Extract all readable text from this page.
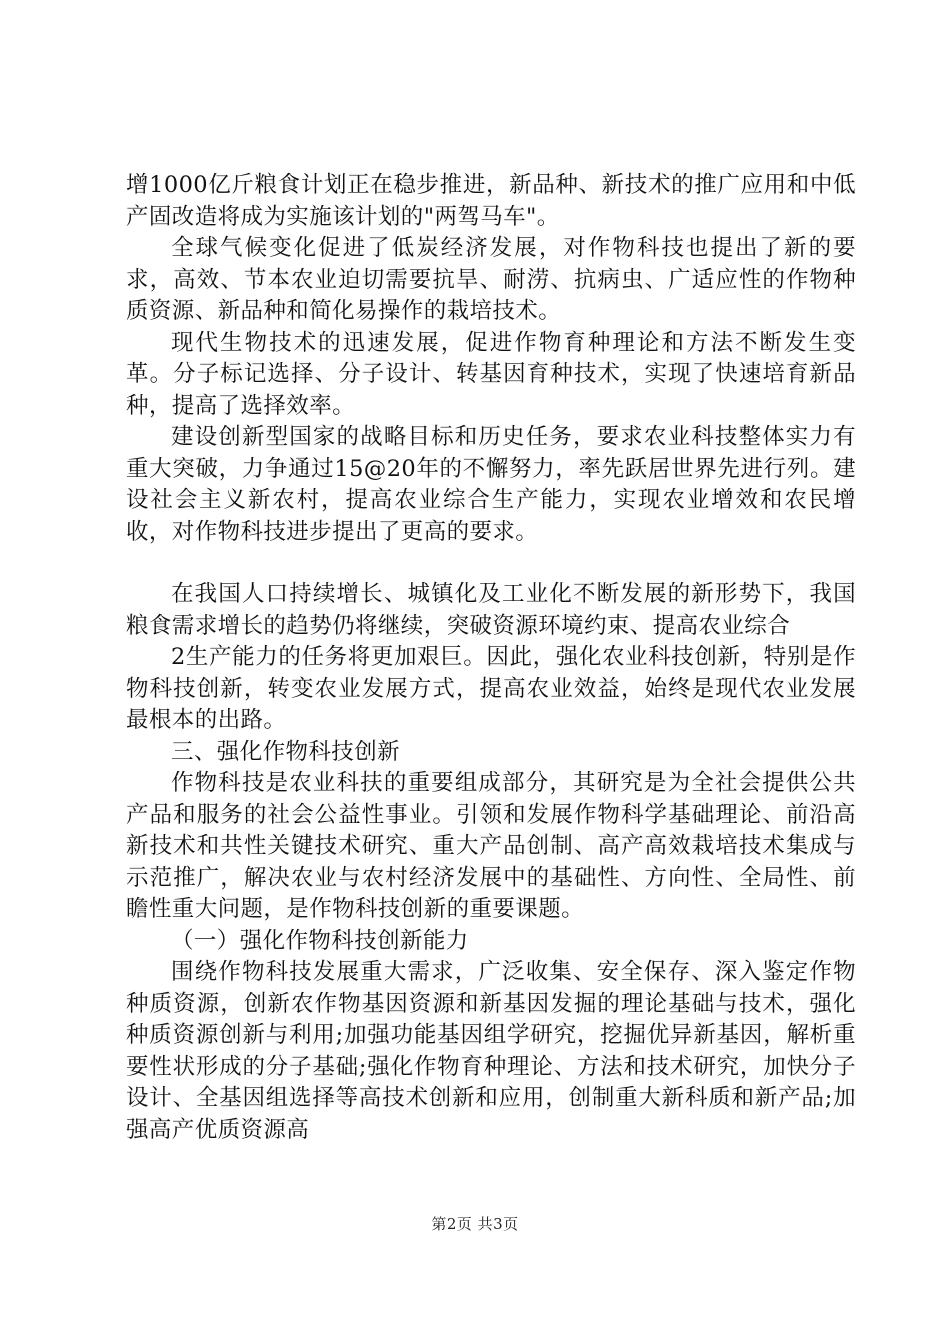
增1000亿斤粮食计划正在稳步推进，新品种、新技术的推广应用和中低产固改造将成为实施该计划的"两驾马车"。

全球气候变化促进了低炭经济发展，对作物科技也提出了新的要求，高效、节本农业迫切需要抗旱、耐涝、抗病虫、广适应性的作物种质资源、新品种和简化易操作的栽培技术。

现代生物技术的迅速发展，促进作物育种理论和方法不断发生变革。分子标记选择、分子设计、转基因育种技术，实现了快速培育新品种，提高了选择效率。

建设创新型国家的战略目标和历史任务，要求农业科技整体实力有重大突破，力争通过15@20年的不懈努力，率先跃居世界先进行列。建设社会主义新农村，提高农业综合生产能力，实现农业增效和农民增收，对作物科技进步提出了更高的要求。

在我国人口持续增长、城镇化及工业化不断发展的新形势下，我国粮食需求增长的趋势仍将继续，突破资源环境约束、提高农业综合

2生产能力的任务将更加艰巨。因此，强化农业科技创新，特别是作物科技创新，转变农业发展方式，提高农业效益，始终是现代农业发展最根本的出路。

三、强化作物科技创新

作物科技是农业科扶的重要组成部分，其研究是为全社会提供公共产品和服务的社会公益性事业。引领和发展作物科学基础理论、前沿高新技术和共性关键技术研究、重大产品创制、高产高效栽培技术集成与示范推广，解决农业与农村经济发展中的基础性、方向性、全局性、前瞻性重大问题，是作物科技创新的重要课题。

（一）强化作物科技创新能力

围绕作物科技发展重大需求，广泛收集、安全保存、深入鉴定作物种质资源，创新农作物基因资源和新基因发掘的理论基础与技术，强化种质资源创新与利用;加强功能基因组学研究，挖掘优异新基因，解析重要性状形成的分子基础;强化作物育种理论、方法和技术研究，加快分子设计、全基因组选择等高技术创新和应用，创制重大新科质和新产品;加强高产优质资源高

第2页 共3页
